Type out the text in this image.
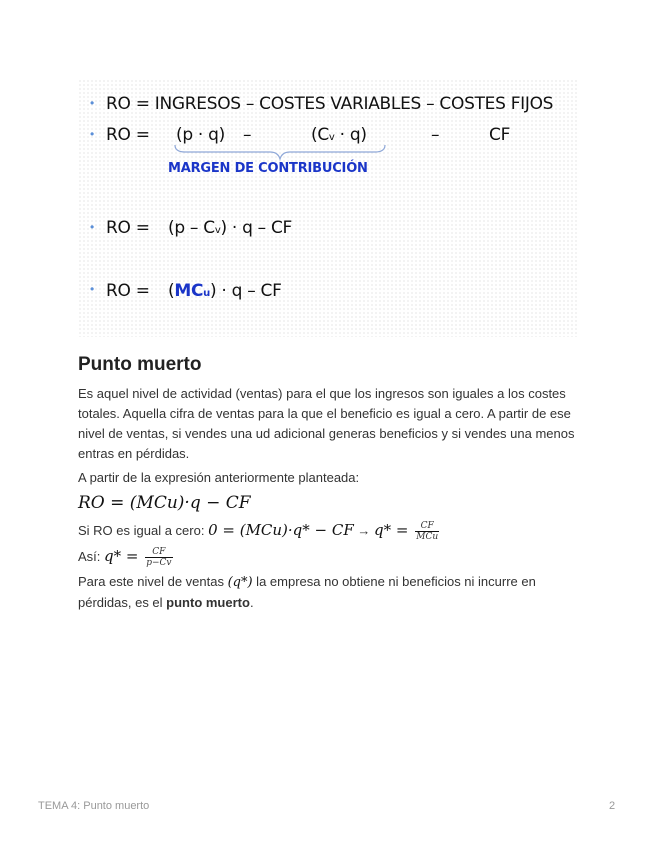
• RO = INGRESOS – COSTES VARIABLES – COSTES FIJOS
• RO = (p · q) –	(Cv · q)	–	CF
MARGEN DE CONTRIBUCIÓN
• RO = (p – Cv) · q – CF
• RO = (MCu) · q – CF
Punto muerto
Es aquel nivel de actividad (ventas) para el que los ingresos son iguales a los costes totales. Aquella cifra de ventas para la que el beneficio es igual a cero. A partir de ese nivel de ventas, si vendes una ud adicional generas beneficios y si vendes una menos entras en pérdidas.
A partir de la expresión anteriormente planteada:
RO = (MCu)·q − CF
Si RO es igual a cero: 0 = (MCu)·q* − CF → $q* = \frac{CF}{\text{MCu}}$
Así: $q* = \frac{CF}{p-Cv}$
Para este nivel de ventas (q*) la empresa no obtiene ni beneficios ni incurre en pérdidas, es el punto muerto.
TEMA 4: Punto muerto	2
